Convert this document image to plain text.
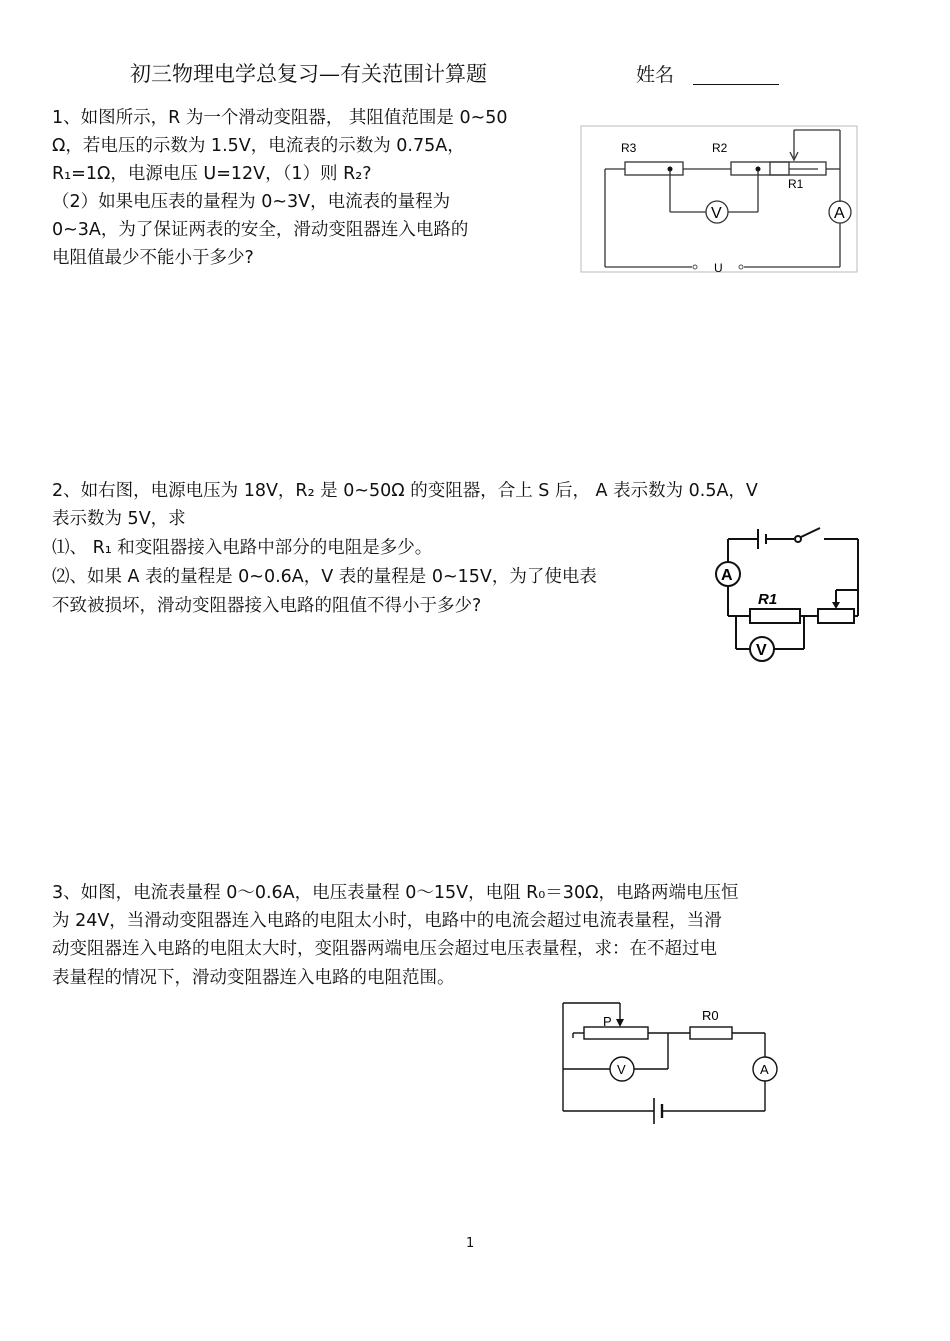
初三物理电学总复习—有关范围计算题	姓名
1、如图所示，R 为一个滑动变阻器， 其阻值范围是 0~50
Ω，若电压的示数为 1.5V，电流表的示数为 0.75A，
R₁=1Ω，电源电压 U=12V，（1）则 R₂?
（2）如果电压表的量程为 0~3V，电流表的量程为
0~3A，为了保证两表的安全，滑动变阻器连入电路的
电阻值最少不能小于多少?
R3	R2
R1
V	A
U
2、如右图，电源电压为 18V，R₂ 是 0~50Ω 的变阻器，合上 S 后， A 表示数为 0.5A，V
表示数为 5V，求
⑴、 R₁ 和变阻器接入电路中部分的电阻是多少。
⑵、如果 A 表的量程是 0~0.6A，V 表的量程是 0~15V，为了使电表
不致被损坏，滑动变阻器接入电路的阻值不得小于多少?
A
R1
V
3、如图，电流表量程 0～0.6A，电压表量程 0～15V，电阻 R₀＝30Ω，电路两端电压恒
为 24V，当滑动变阻器连入电路的电阻太小时，电路中的电流会超过电流表量程，当滑
动变阻器连入电路的电阻太大时，变阻器两端电压会超过电压表量程，求：在不超过电
表量程的情况下，滑动变阻器连入电路的电阻范围。
P	R0
V	A
1
